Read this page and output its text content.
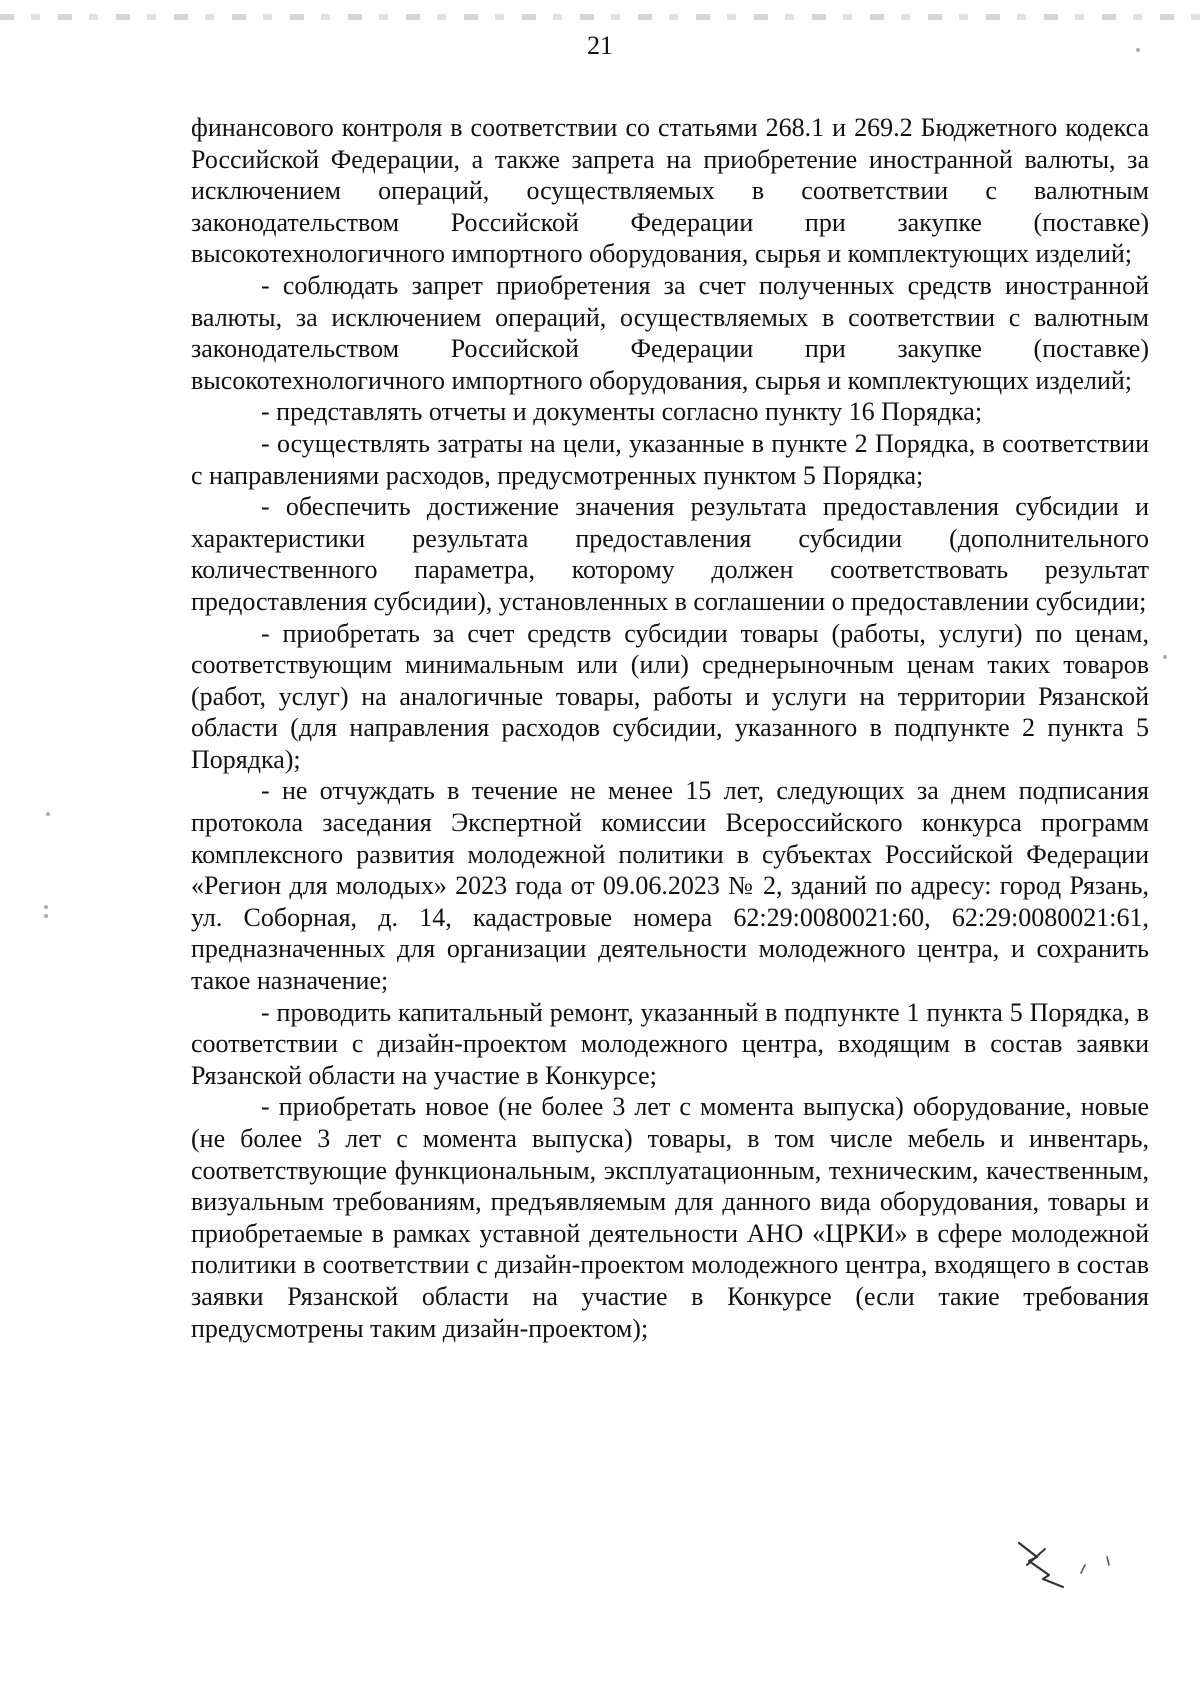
21

финансового контроля в соответствии со статьями 268.1 и 269.2 Бюджетного кодекса Российской Федерации, а также запрета на приобретение иностранной валюты, за исключением операций, осуществляемых в соответствии с валютным законодательством Российской Федерации при закупке (поставке) высокотехнологичного импортного оборудования, сырья и комплектующих изделий;

- соблюдать запрет приобретения за счет полученных средств иностранной валюты, за исключением операций, осуществляемых в соответствии с валютным законодательством Российской Федерации при закупке (поставке) высокотехнологичного импортного оборудования, сырья и комплектующих изделий;

- представлять отчеты и документы согласно пункту 16 Порядка;

- осуществлять затраты на цели, указанные в пункте 2 Порядка, в соответствии с направлениями расходов, предусмотренных пунктом 5 Порядка;

- обеспечить достижение значения результата предоставления субсидии и характеристики результата предоставления субсидии (дополнительного количественного параметра, которому должен соответствовать результат предоставления субсидии), установленных в соглашении о предоставлении субсидии;

- приобретать за счет средств субсидии товары (работы, услуги) по ценам, соответствующим минимальным или (или) среднерыночным ценам таких товаров (работ, услуг) на аналогичные товары, работы и услуги на территории Рязанской области (для направления расходов субсидии, указанного в подпункте 2 пункта 5 Порядка);

- не отчуждать в течение не менее 15 лет, следующих за днем подписания протокола заседания Экспертной комиссии Всероссийского конкурса программ комплексного развития молодежной политики в субъектах Российской Федерации «Регион для молодых» 2023 года от 09.06.2023 № 2, зданий по адресу: город Рязань, ул. Соборная, д. 14, кадастровые номера 62:29:0080021:60, 62:29:0080021:61, предназначенных для организации деятельности молодежного центра, и сохранить такое назначение;

- проводить капитальный ремонт, указанный в подпункте 1 пункта 5 Порядка, в соответствии с дизайн-проектом молодежного центра, входящим в состав заявки Рязанской области на участие в Конкурсе;

- приобретать новое (не более 3 лет с момента выпуска) оборудование, новые (не более 3 лет с момента выпуска) товары, в том числе мебель и инвентарь, соответствующие функциональным, эксплуатационным, техническим, качественным, визуальным требованиям, предъявляемым для данного вида оборудования, товары и приобретаемые в рамках уставной деятельности АНО «ЦРКИ» в сфере молодежной политики в соответствии с дизайн-проектом молодежного центра, входящего в состав заявки Рязанской области на участие в Конкурсе (если такие требования предусмотрены таким дизайн-проектом);
